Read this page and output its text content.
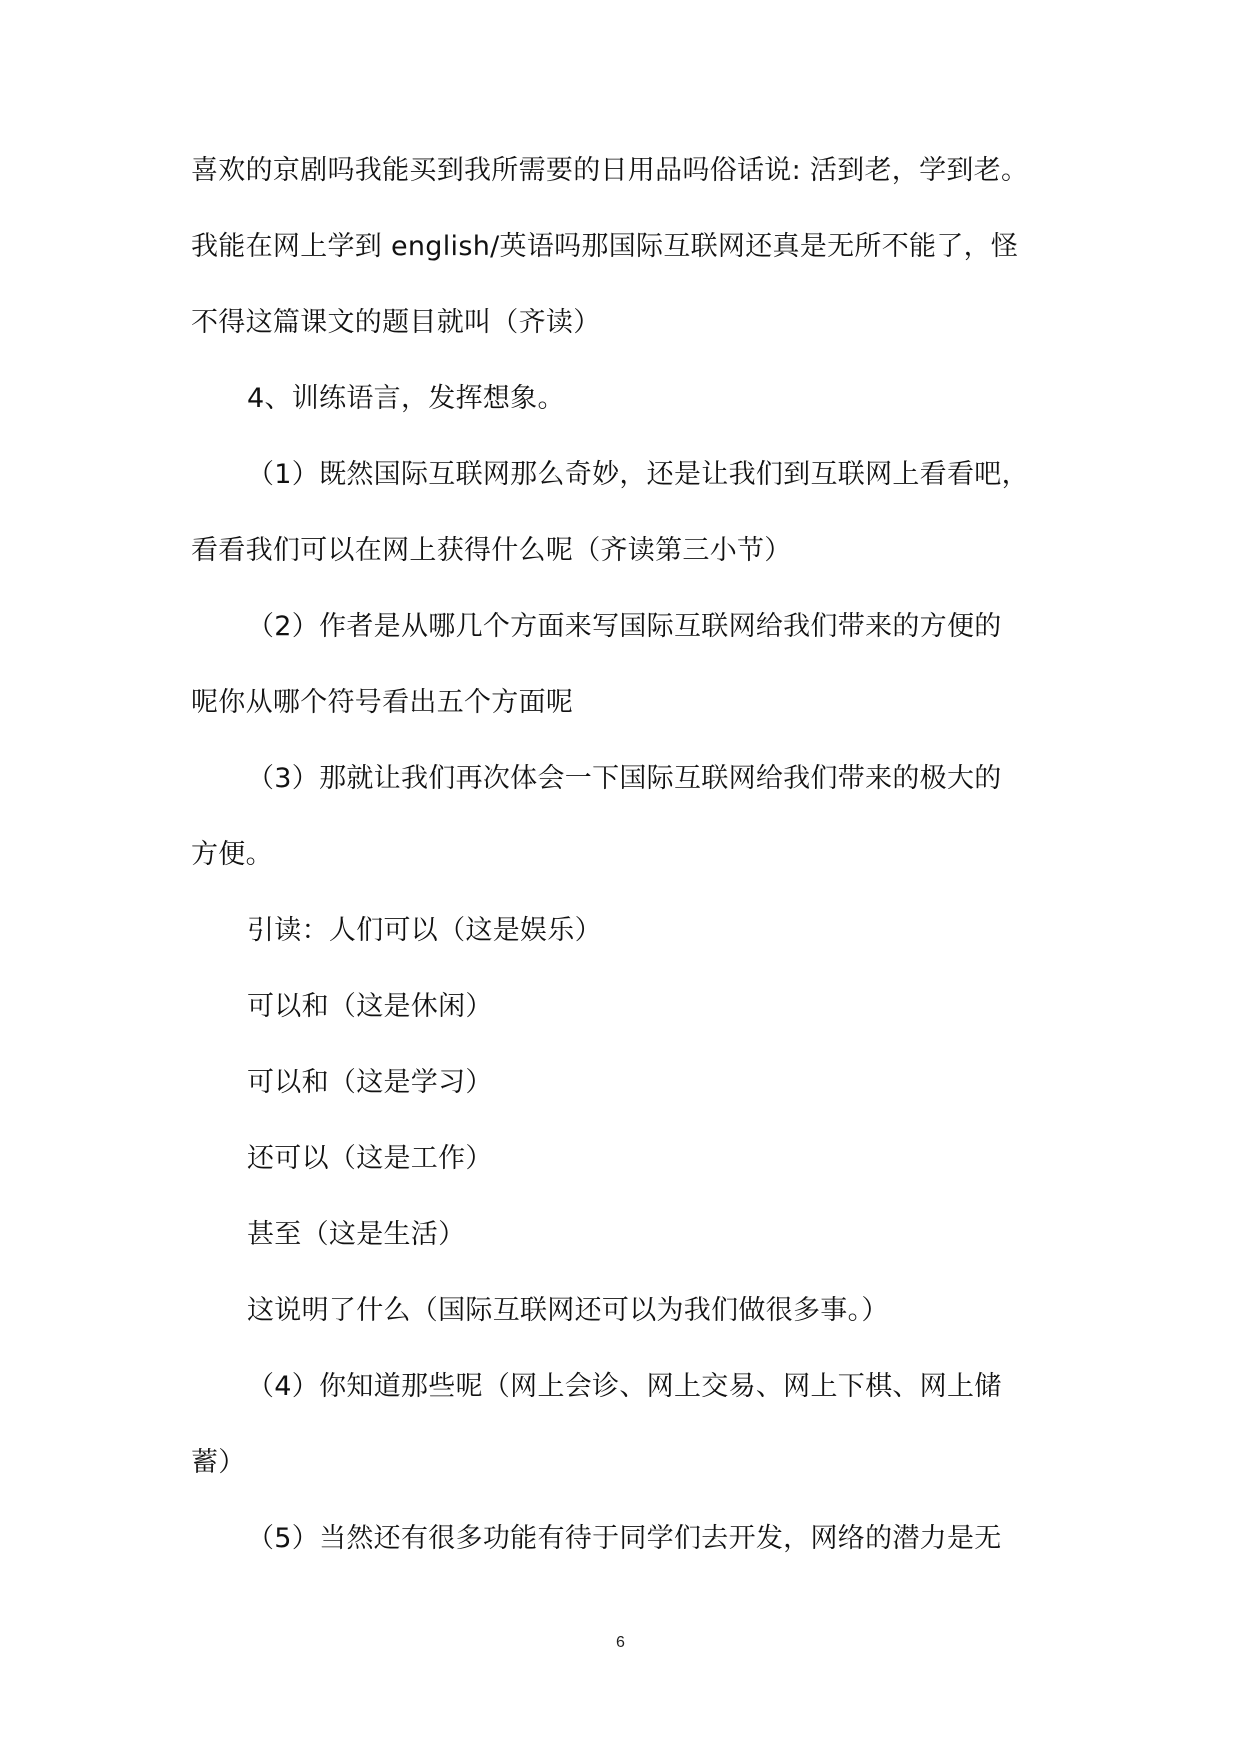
喜欢的京剧吗我能买到我所需要的日用品吗俗话说: 活到老，学到老。

我能在网上学到 english/英语吗那国际互联网还真是无所不能了，怪

不得这篇课文的题目就叫（齐读）

4、训练语言，发挥想象。

（1）既然国际互联网那么奇妙，还是让我们到互联网上看看吧，

看看我们可以在网上获得什么呢（齐读第三小节）

（2）作者是从哪几个方面来写国际互联网给我们带来的方便的

呢你从哪个符号看出五个方面呢

（3）那就让我们再次体会一下国际互联网给我们带来的极大的

方便。

引读：人们可以（这是娱乐）

可以和（这是休闲）

可以和（这是学习）

还可以（这是工作）

甚至（这是生活）

这说明了什么（国际互联网还可以为我们做很多事。）

（4）你知道那些呢（网上会诊、网上交易、网上下棋、网上储

蓄）

（5）当然还有很多功能有待于同学们去开发，网络的潜力是无

6
